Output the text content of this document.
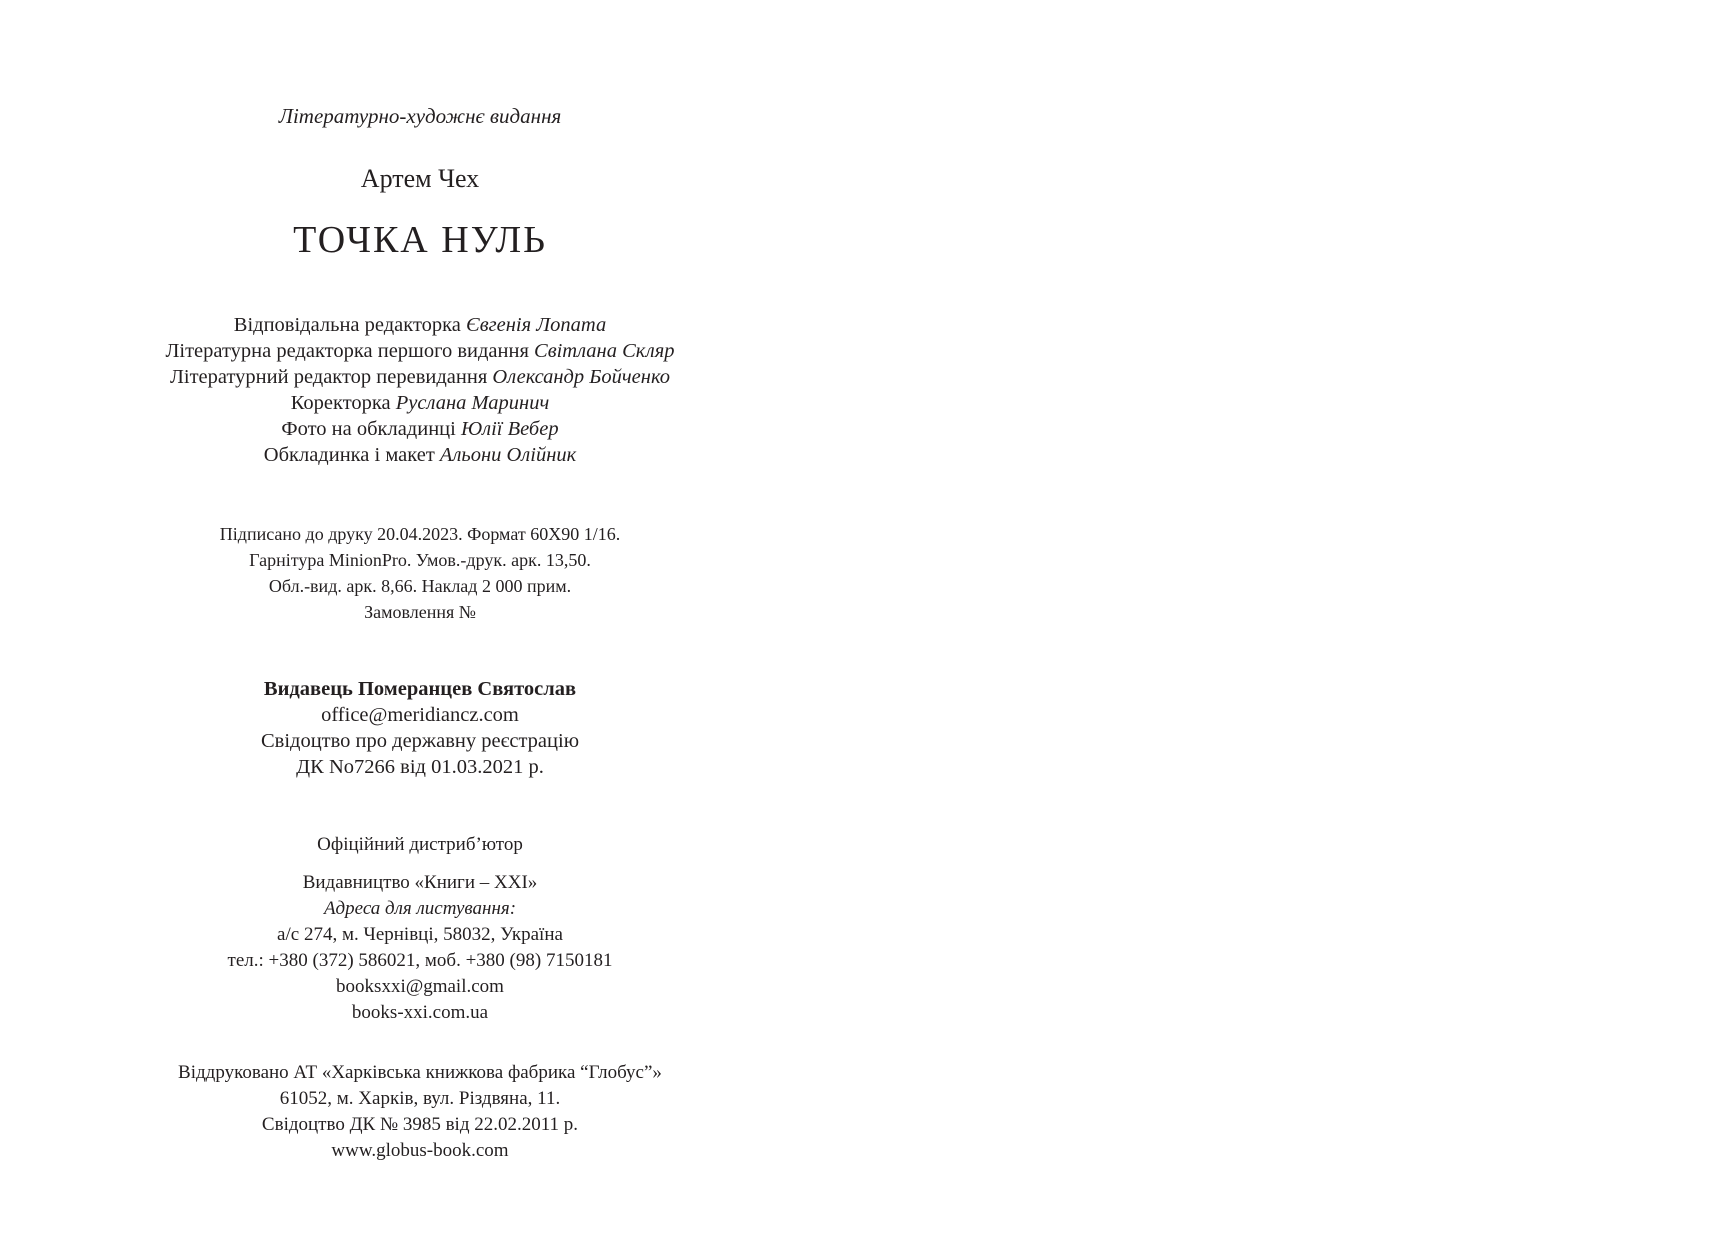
Літературно-художнє видання
Артем Чех
ТОЧКА НУЛЬ
Відповідальна редакторка Євгенія Лопата
Літературна редакторка першого видання Світлана Скляр
Літературний редактор перевидання Олександр Бойченко
Коректорка Руслана Маринич
Фото на обкладинці Юлії Вебер
Обкладинка і макет Альони Олійник
Підписано до друку 20.04.2023. Формат 60Х90 1/16.
Гарнітура MinionPro. Умов.-друк. арк. 13,50.
Обл.-вид. арк. 8,66. Наклад 2 000 прим.
Замовлення №
Видавець Померанцев Святослав
office@meridiancz.com
Свідоцтво про державну реєстрацію
ДК No7266 від 01.03.2021 р.
Офіційний дистриб’ютор
Видавництво «Книги – ХХІ»
Адреса для листування:
а/с 274, м. Чернівці, 58032, Україна
тел.: +380 (372) 586021, моб. +380 (98) 7150181
booksxxi@gmail.com
books-xxi.com.ua
Віддруковано АТ «Харківська книжкова фабрика “Глобус”»
61052, м. Харків, вул. Різдвяна, 11.
Свідоцтво ДК № 3985 від 22.02.2011 р.
www.globus-book.com
